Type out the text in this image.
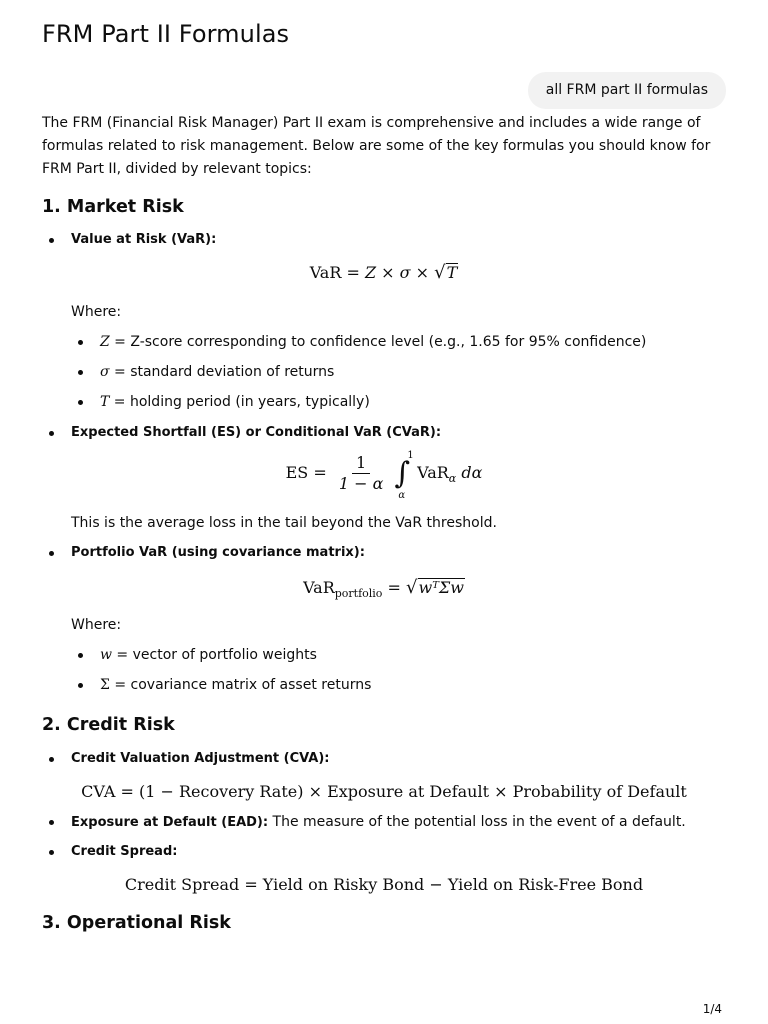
FRM Part II Formulas
all FRM part II formulas
The FRM (Financial Risk Manager) Part II exam is comprehensive and includes a wide range of formulas related to risk management. Below are some of the key formulas you should know for FRM Part II, divided by relevant topics:
1. Market Risk
Value at Risk (VaR):
VaR = Z × σ × √T
Where:
Z = Z-score corresponding to confidence level (e.g., 1.65 for 95% confidence)
σ = standard deviation of returns
T = holding period (in years, typically)
Expected Shortfall (ES) or Conditional VaR (CVaR):
ES = $\frac{1}{1 - \alpha}$ ∫
1
α
VaR$_\alpha$ dα
This is the average loss in the tail beyond the VaR threshold.
Portfolio VaR (using covariance matrix):
VaR$_{portfolio}$ = √wᵀΣw
Where:
w = vector of portfolio weights
Σ = covariance matrix of asset returns
2. Credit Risk
Credit Valuation Adjustment (CVA):
CVA = (1 − Recovery Rate) × Exposure at Default × Probability of Default
Exposure at Default (EAD): The measure of the potential loss in the event of a default.
Credit Spread:
Credit Spread = Yield on Risky Bond − Yield on Risk-Free Bond
3. Operational Risk
1/4
